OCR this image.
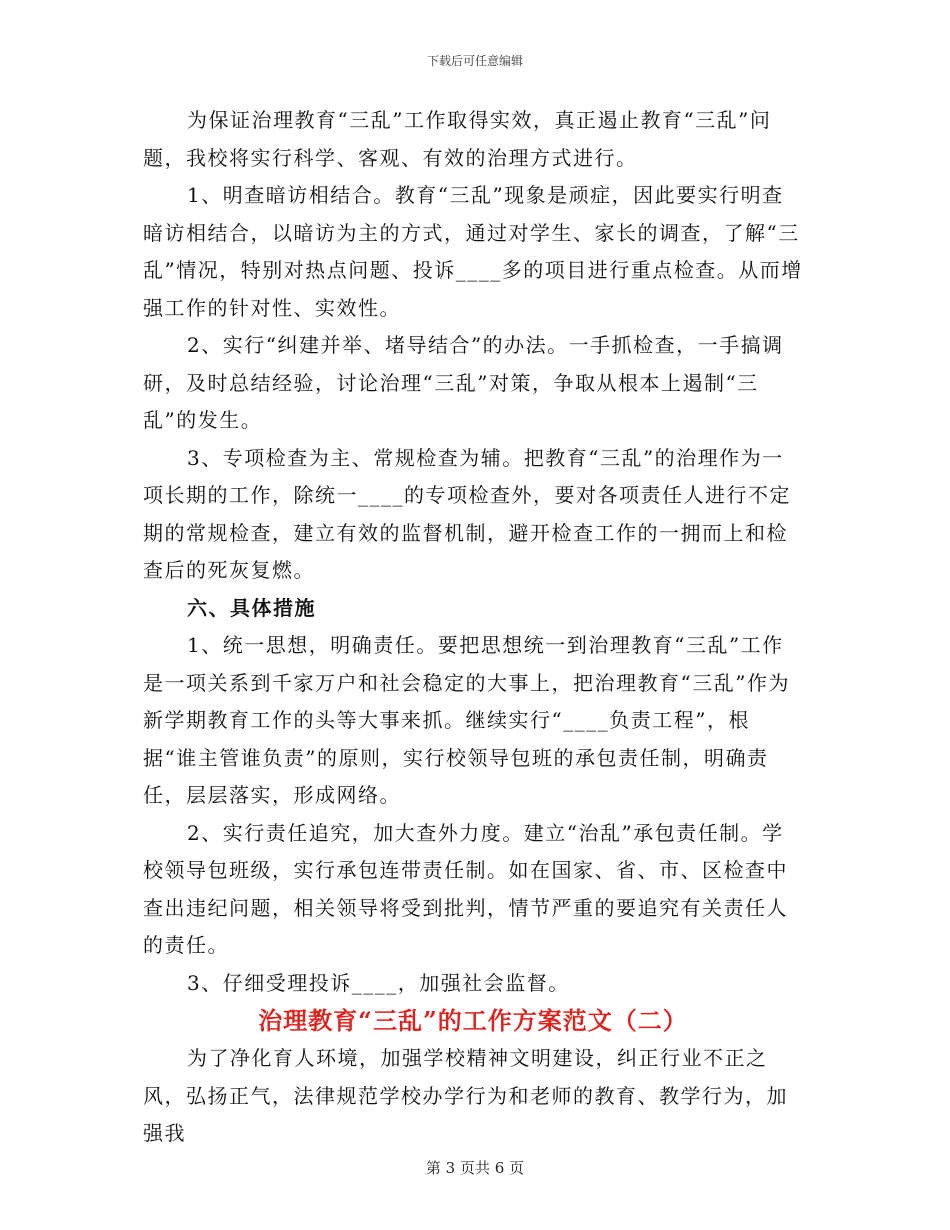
下载后可任意编辑

为保证治理教育“三乱”工作取得实效，真正遏止教育“三乱”问题，我校将实行科学、客观、有效的治理方式进行。

1、明查暗访相结合。教育“三乱”现象是顽症，因此要实行明查暗访相结合，以暗访为主的方式，通过对学生、家长的调查，了解“三乱”情况，特别对热点问题、投诉____多的项目进行重点检查。从而增强工作的针对性、实效性。

2、实行“纠建并举、堵导结合”的办法。一手抓检查，一手搞调研，及时总结经验，讨论治理“三乱”对策，争取从根本上遏制“三乱”的发生。

3、专项检查为主、常规检查为辅。把教育“三乱”的治理作为一项长期的工作，除统一____的专项检查外，要对各项责任人进行不定期的常规检查，建立有效的监督机制，避开检查工作的一拥而上和检查后的死灰复燃。

六、具体措施

1、统一思想，明确责任。要把思想统一到治理教育“三乱”工作是一项关系到千家万户和社会稳定的大事上，把治理教育“三乱”作为新学期教育工作的头等大事来抓。继续实行“____负责工程”，根据“谁主管谁负责”的原则，实行校领导包班的承包责任制，明确责任，层层落实，形成网络。

2、实行责任追究，加大查外力度。建立“治乱”承包责任制。学校领导包班级，实行承包连带责任制。如在国家、省、市、区检查中查出违纪问题，相关领导将受到批判，情节严重的要追究有关责任人的责任。

3、仔细受理投诉____，加强社会监督。

治理教育“三乱”的工作方案范文（二）

为了净化育人环境，加强学校精神文明建设，纠正行业不正之风，弘扬正气，法律规范学校办学行为和老师的教育、教学行为，加强我

第 3 页共 6 页
